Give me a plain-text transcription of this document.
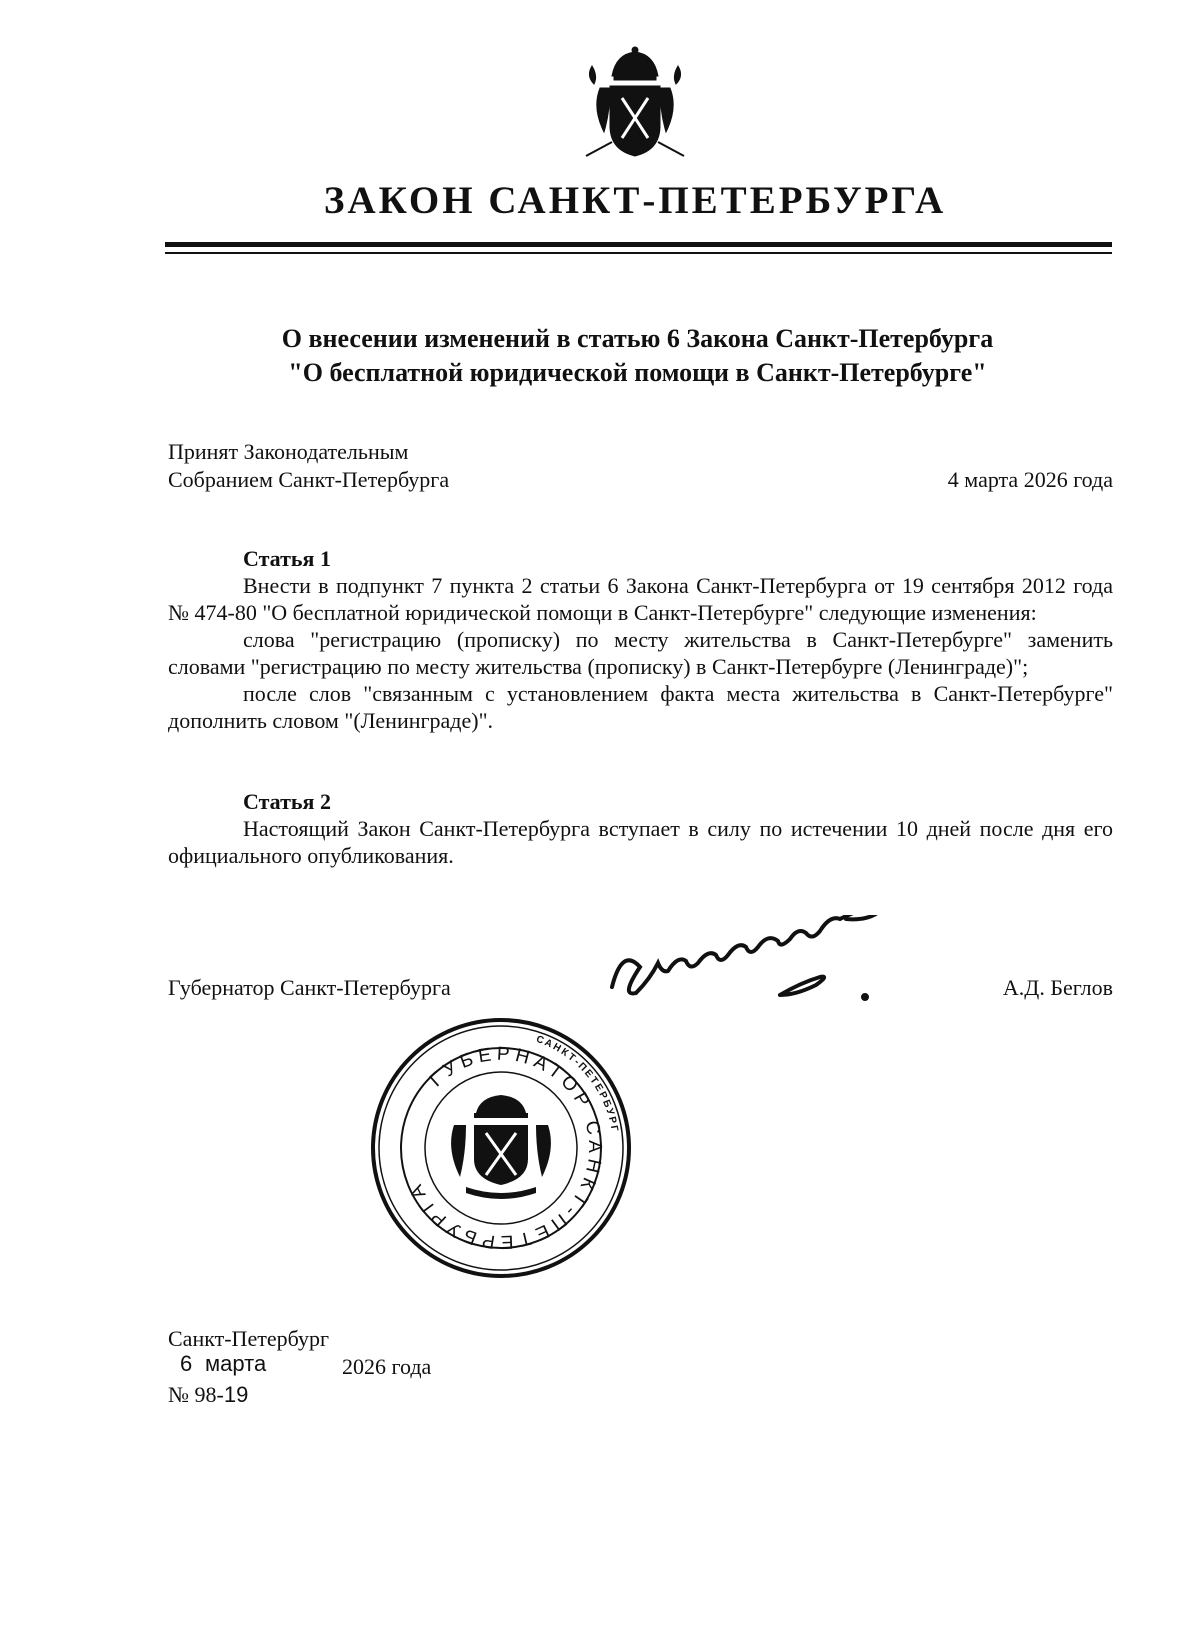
ЗАКОН САНКТ-ПЕТЕРБУРГА
О внесении изменений в статью 6 Закона Санкт-Петербурга
"О бесплатной юридической помощи в Санкт-Петербурге"
Принят Законодательным
Собранием Санкт-Петербурга	4 марта 2026 года
Статья 1

Внести в подпункт 7 пункта 2 статьи 6 Закона Санкт-Петербурга от 19 сентября 2012 года № 474-80 "О бесплатной юридической помощи в Санкт-Петербурге" следующие изменения:

слова "регистрацию (прописку) по месту жительства в Санкт-Петербурге" заменить словами "регистрацию по месту жительства (прописку) в Санкт-Петербурге (Ленинграде)";

после слов "связанным с установлением факта места жительства в Санкт-Петербурге" дополнить словом "(Ленинграде)".

Статья 2

Настоящий Закон Санкт-Петербурга вступает в силу по истечении 10 дней после дня его официального опубликования.

Губернатор Санкт-Петербурга	А.Д. Беглов
ГУБЕРНАТОР САНКТ-ПЕТЕРБУРГА
САНКТ-ПЕТЕРБУРГ
Санкт-Петербург
6 марта	2026 года
№ 98-19
